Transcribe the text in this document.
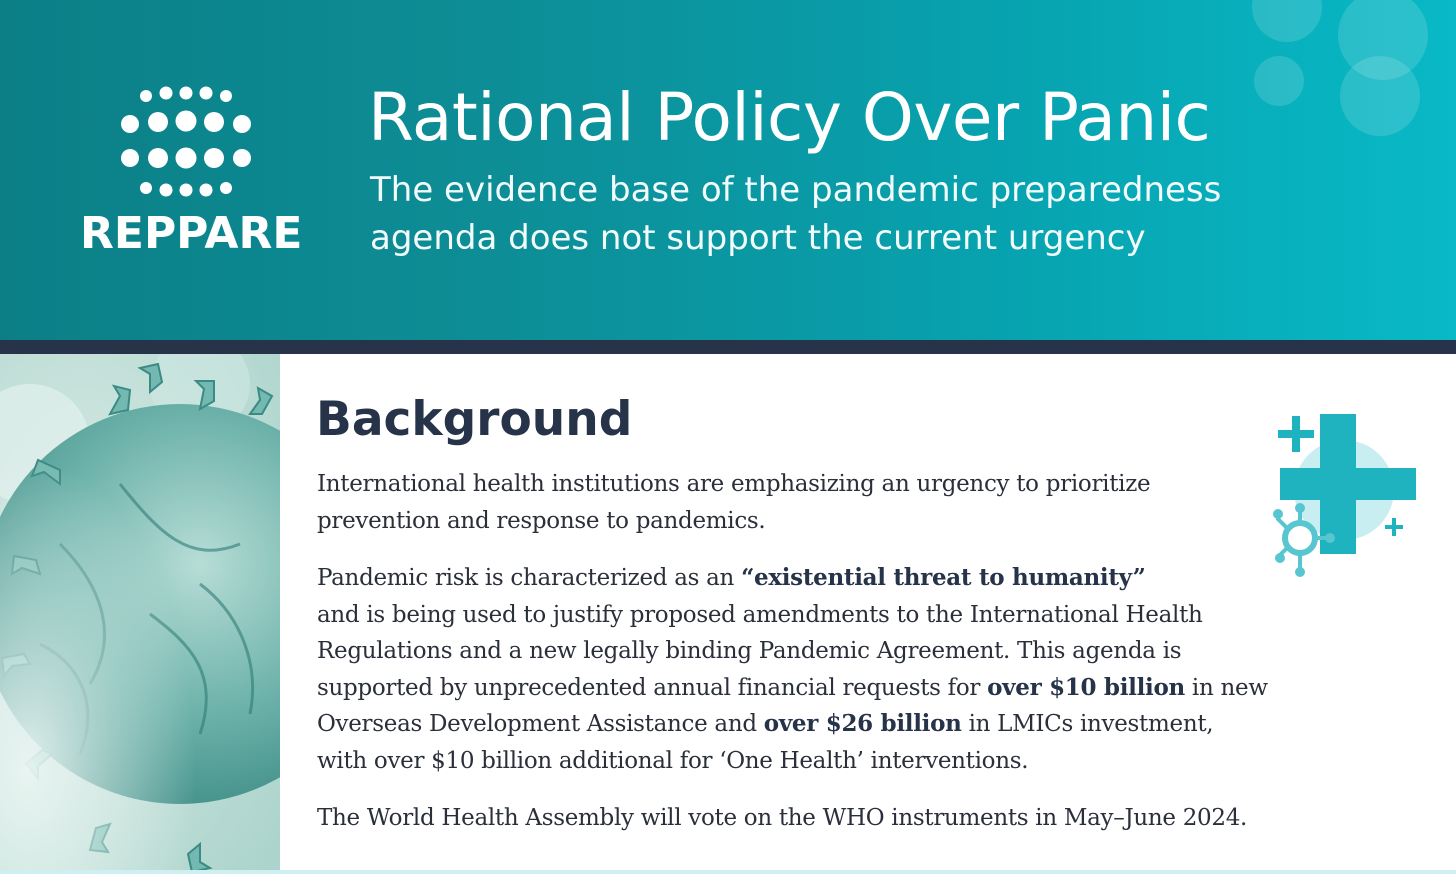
REPPARE
Rational Policy Over Panic
The evidence base of the pandemic preparedness
agenda does not support the current urgency
Background
International health institutions are emphasizing an urgency to prioritize
prevention and response to pandemics.
Pandemic risk is characterized as an “existential threat to humanity”
and is being used to justify proposed amendments to the International Health
Regulations and a new legally binding Pandemic Agreement. This agenda is
supported by unprecedented annual financial requests for over $10 billion in new
Overseas Development Assistance and over $26 billion in LMICs investment,
with over $10 billion additional for ‘One Health’ interventions.
The World Health Assembly will vote on the WHO instruments in May–June 2024.
